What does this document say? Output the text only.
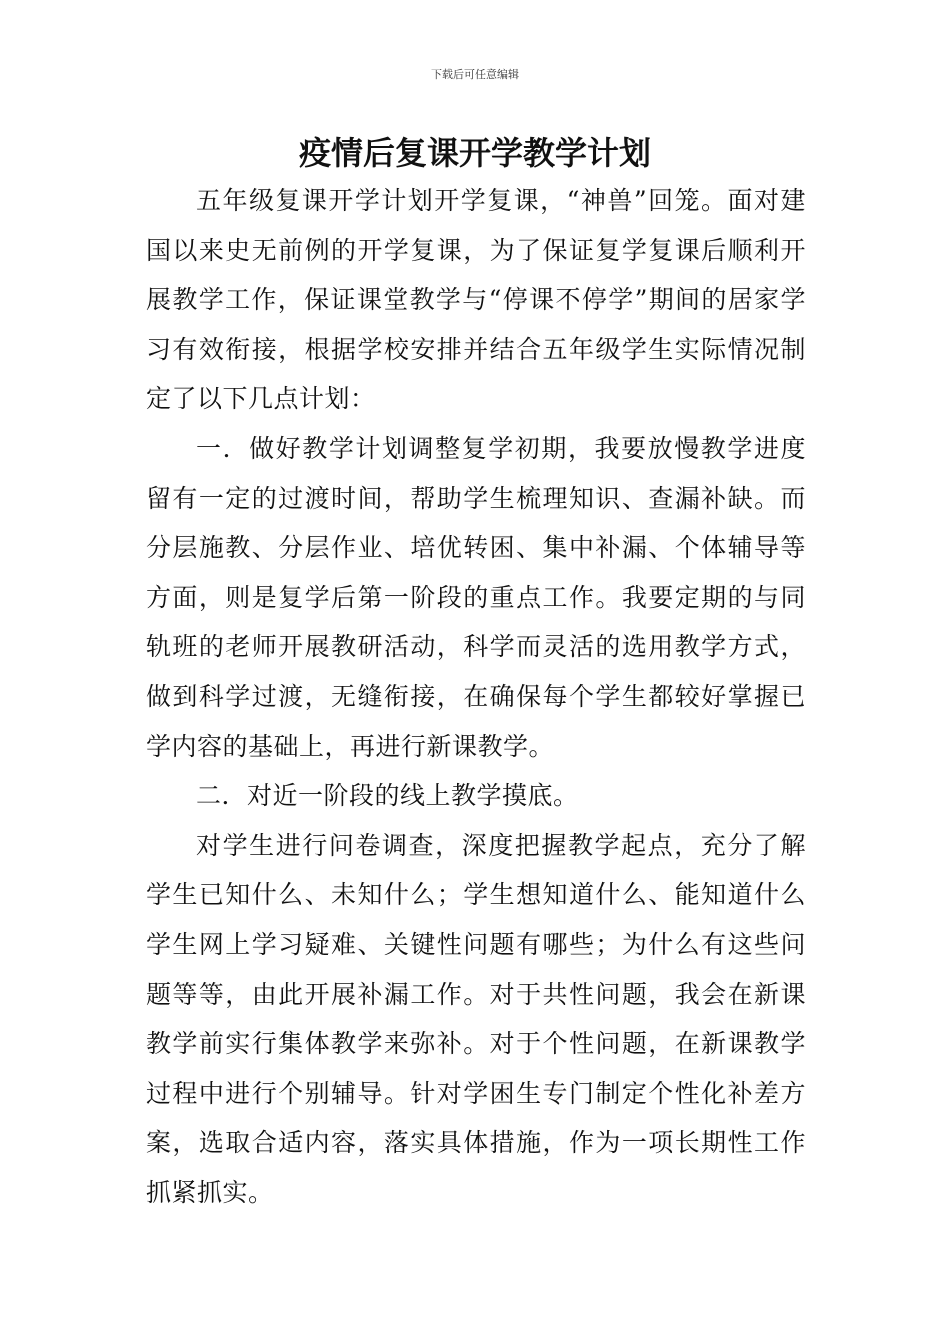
下载后可任意编辑
疫情后复课开学教学计划

五年级复课开学计划开学复课，“神兽”回笼。面对建国以来史无前例的开学复课，为了保证复学复课后顺利开展教学工作，保证课堂教学与“停课不停学”期间的居家学习有效衔接，根据学校安排并结合五年级学生实际情况制定了以下几点计划：

一．做好教学计划调整复学初期，我要放慢教学进度留有一定的过渡时间，帮助学生梳理知识、查漏补缺。而分层施教、分层作业、培优转困、集中补漏、个体辅导等方面，则是复学后第一阶段的重点工作。我要定期的与同轨班的老师开展教研活动，科学而灵活的选用教学方式，做到科学过渡，无缝衔接，在确保每个学生都较好掌握已学内容的基础上，再进行新课教学。

二．对近一阶段的线上教学摸底。

对学生进行问卷调查，深度把握教学起点，充分了解学生已知什么、未知什么；学生想知道什么、能知道什么学生网上学习疑难、关键性问题有哪些；为什么有这些问题等等，由此开展补漏工作。对于共性问题，我会在新课教学前实行集体教学来弥补。对于个性问题，在新课教学过程中进行个别辅导。针对学困生专门制定个性化补差方案，选取合适内容，落实具体措施，作为一项长期性工作抓紧抓实。
